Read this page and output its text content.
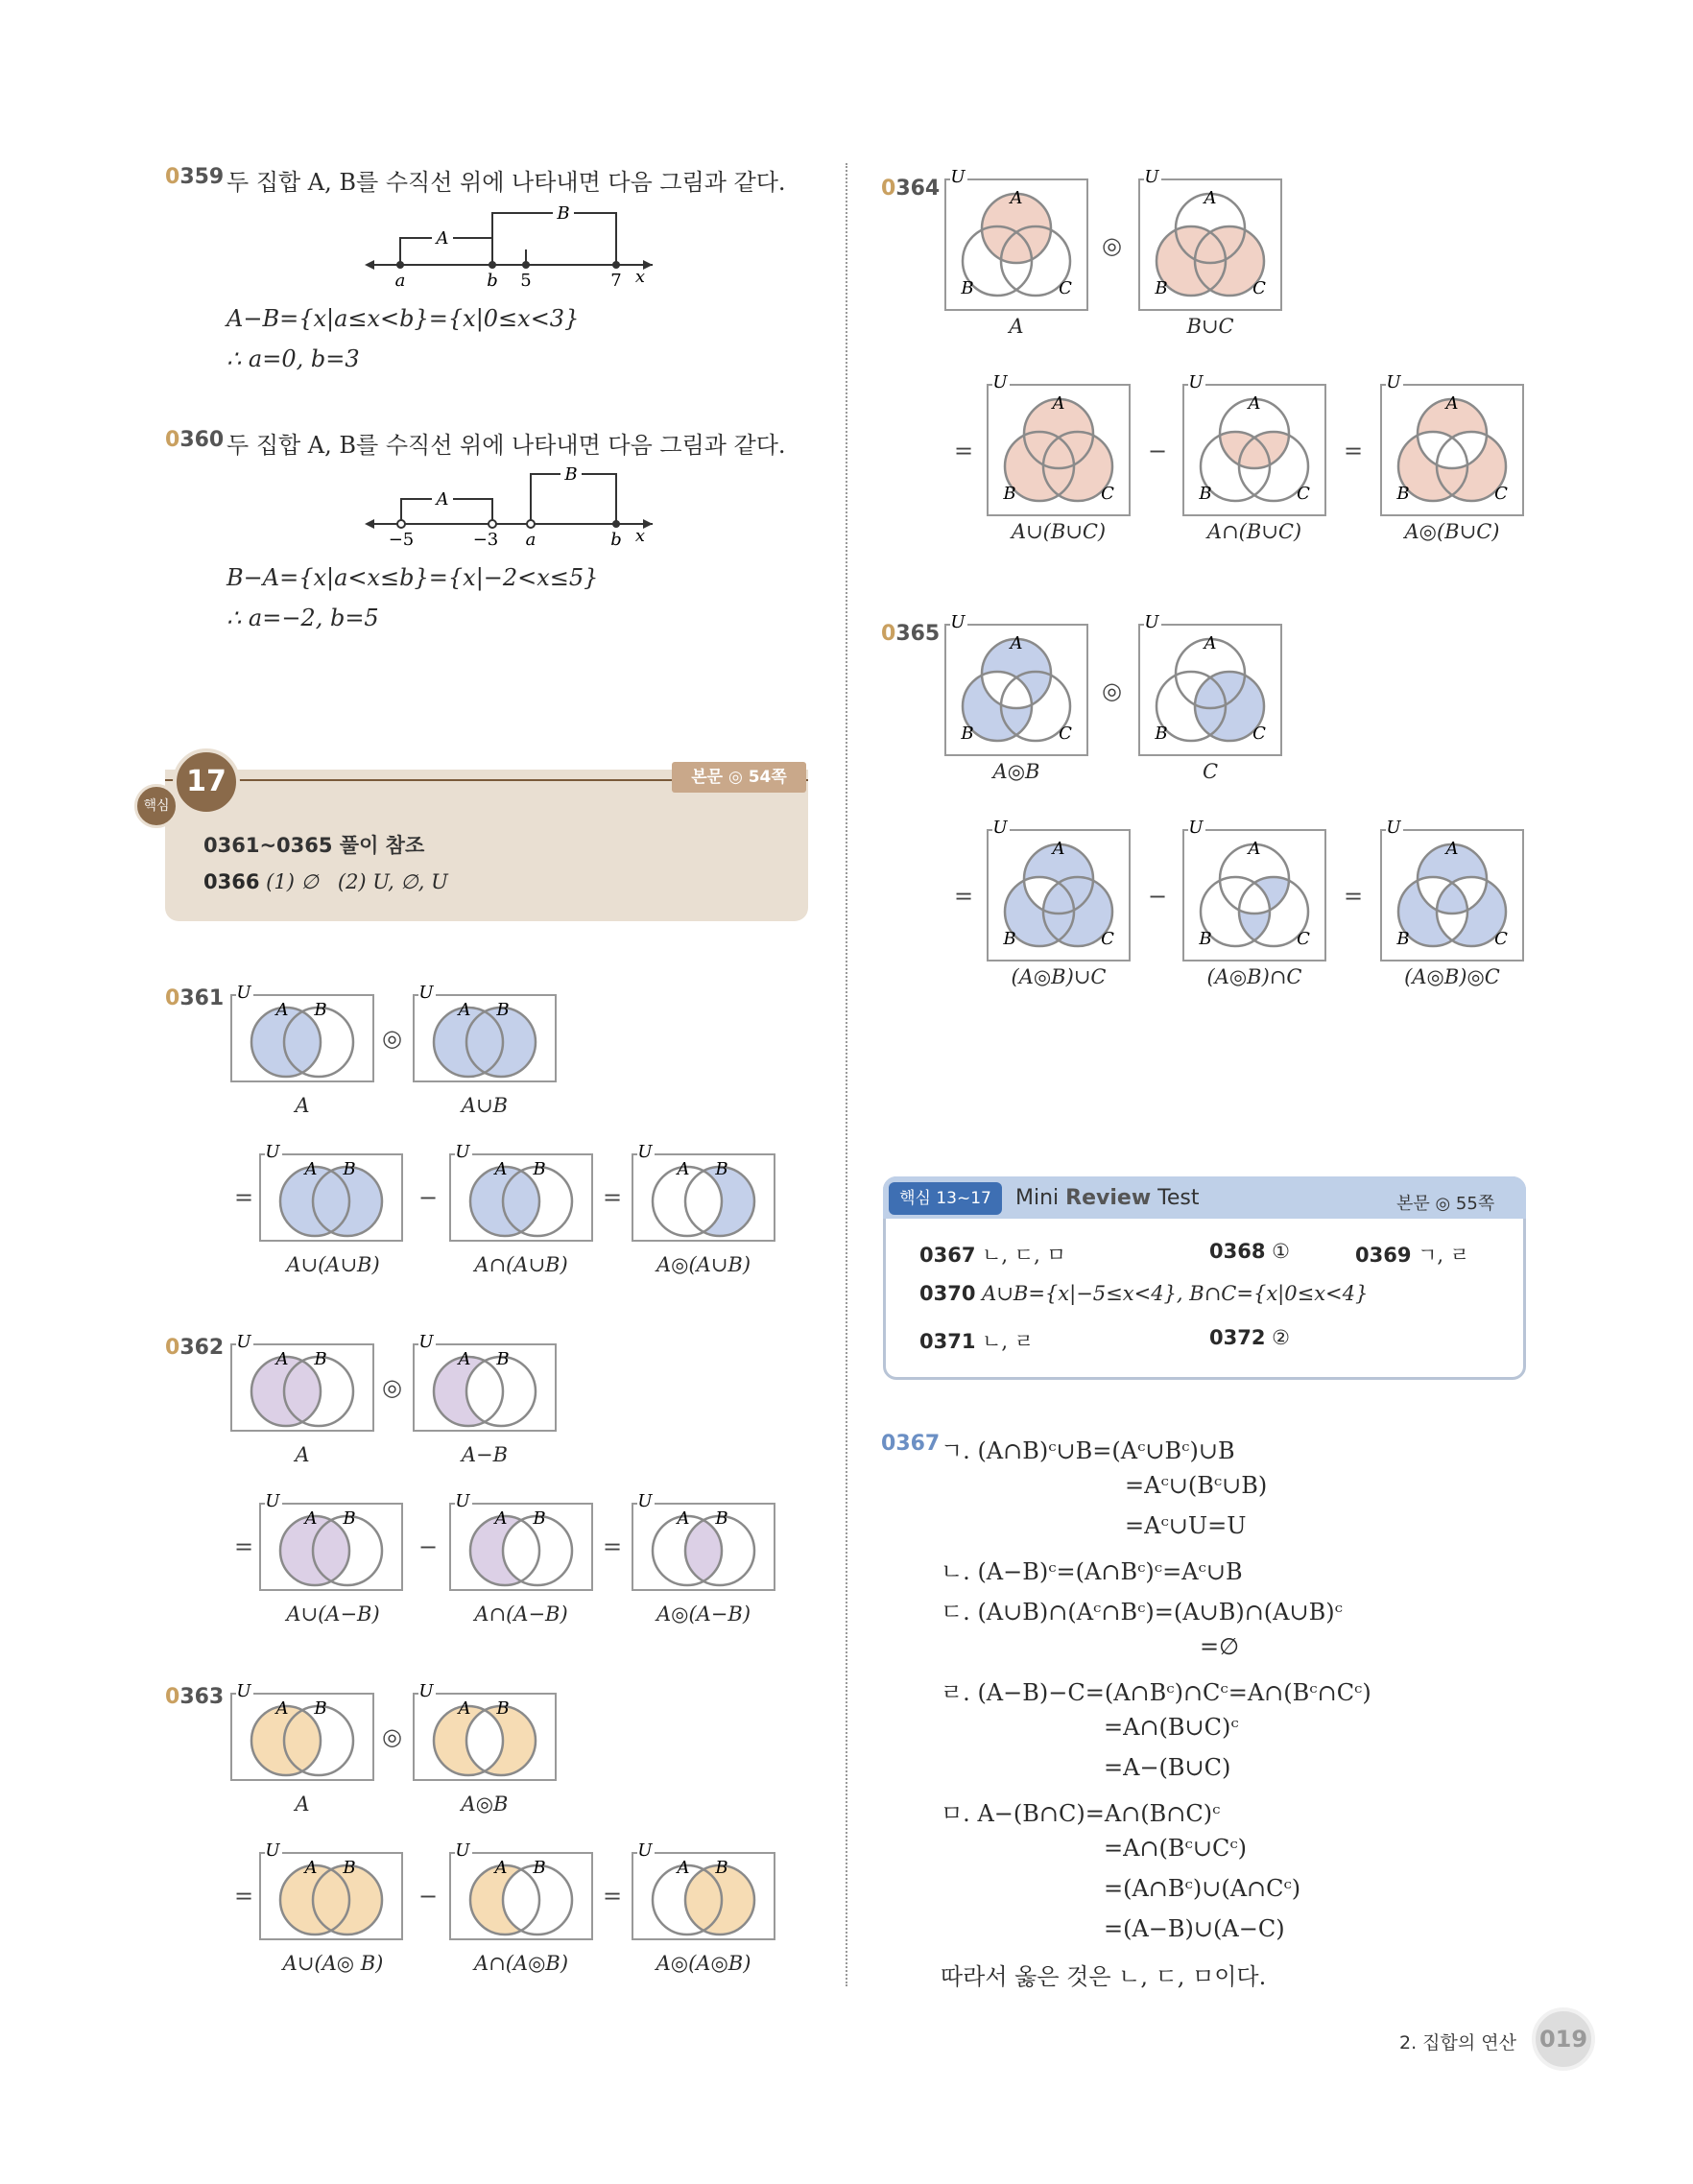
0359 두 집합 A, B를 수직선 위에 나타내면 다음 그림과 같다.
A
B
a	b 5	7 x
A−B={x|a≤x<b}={x|0≤x<3}
∴ a=0, b=3
0360 두 집합 A, B를 수직선 위에 나타내면 다음 그림과 같다.
A
B
−5	−3 a	b x
B−A={x|a<x≤b}={x|−2<x≤5}
∴ a=−2, b=5
본문 ◎ 54쪽
17
핵심
0361~0365 풀이 참조
0366 (1) ∅   (2) U, ∅, U
0361 U
A B
A
◎
U
A B
A∪B
=
U
A B
A∪(A∪B)
−
U
A B
A∩(A∪B)
=
U
A B
A◎(A∪B)
0362 U
A B
A
◎
U
A B
A−B
=
U
A B
A∪(A−B)
−
U
A B
A∩(A−B)
=
U
A B
A◎(A−B)
0363 U
A B
A
◎
U
A B
A◎B
=
U
A B
A∪(A◎ B)
−
U
A B
A∩(A◎B)
=
U
A B
A◎(A◎B)
0364 U
A
B	C
A
◎
U
A
B	C
B∪C
=
U
A
B	C
A∪(B∪C)
−
U
A
B	C
A∩(B∪C)
=
U
A
B	C
A◎(B∪C)
0365 U
A
B	C
A◎B
◎
U
A
B	C
C
=
U
A
B	C
(A◎B)∪C
−
U
A
B	C
(A◎B)∩C
=
U
A
B	C
(A◎B)◎C
핵심 13~17	Mini Review Test	본문 ◎ 55쪽
0367 ㄴ, ㄷ, ㅁ	0368 ①	0369 ㄱ, ㄹ
0370 A∪B={x|−5≤x<4}, B∩C={x|0≤x<4}
0371 ㄴ, ㄹ	0372 ②
0367 ㄱ. (A∩B)ᶜ∪B=(Aᶜ∪Bᶜ)∪B
=Aᶜ∪(Bᶜ∪B)
=Aᶜ∪U=U
ㄴ. (A−B)ᶜ=(A∩Bᶜ)ᶜ=Aᶜ∪B
ㄷ. (A∪B)∩(Aᶜ∩Bᶜ)=(A∪B)∩(A∪B)ᶜ
=∅
ㄹ. (A−B)−C=(A∩Bᶜ)∩Cᶜ=A∩(Bᶜ∩Cᶜ)
=A∩(B∪C)ᶜ
=A−(B∪C)
ㅁ. A−(B∩C)=A∩(B∩C)ᶜ
=A∩(Bᶜ∪Cᶜ)
=(A∩Bᶜ)∪(A∩Cᶜ)
=(A−B)∪(A−C)
따라서 옳은 것은 ㄴ, ㄷ, ㅁ이다.
2. 집합의 연산 019
